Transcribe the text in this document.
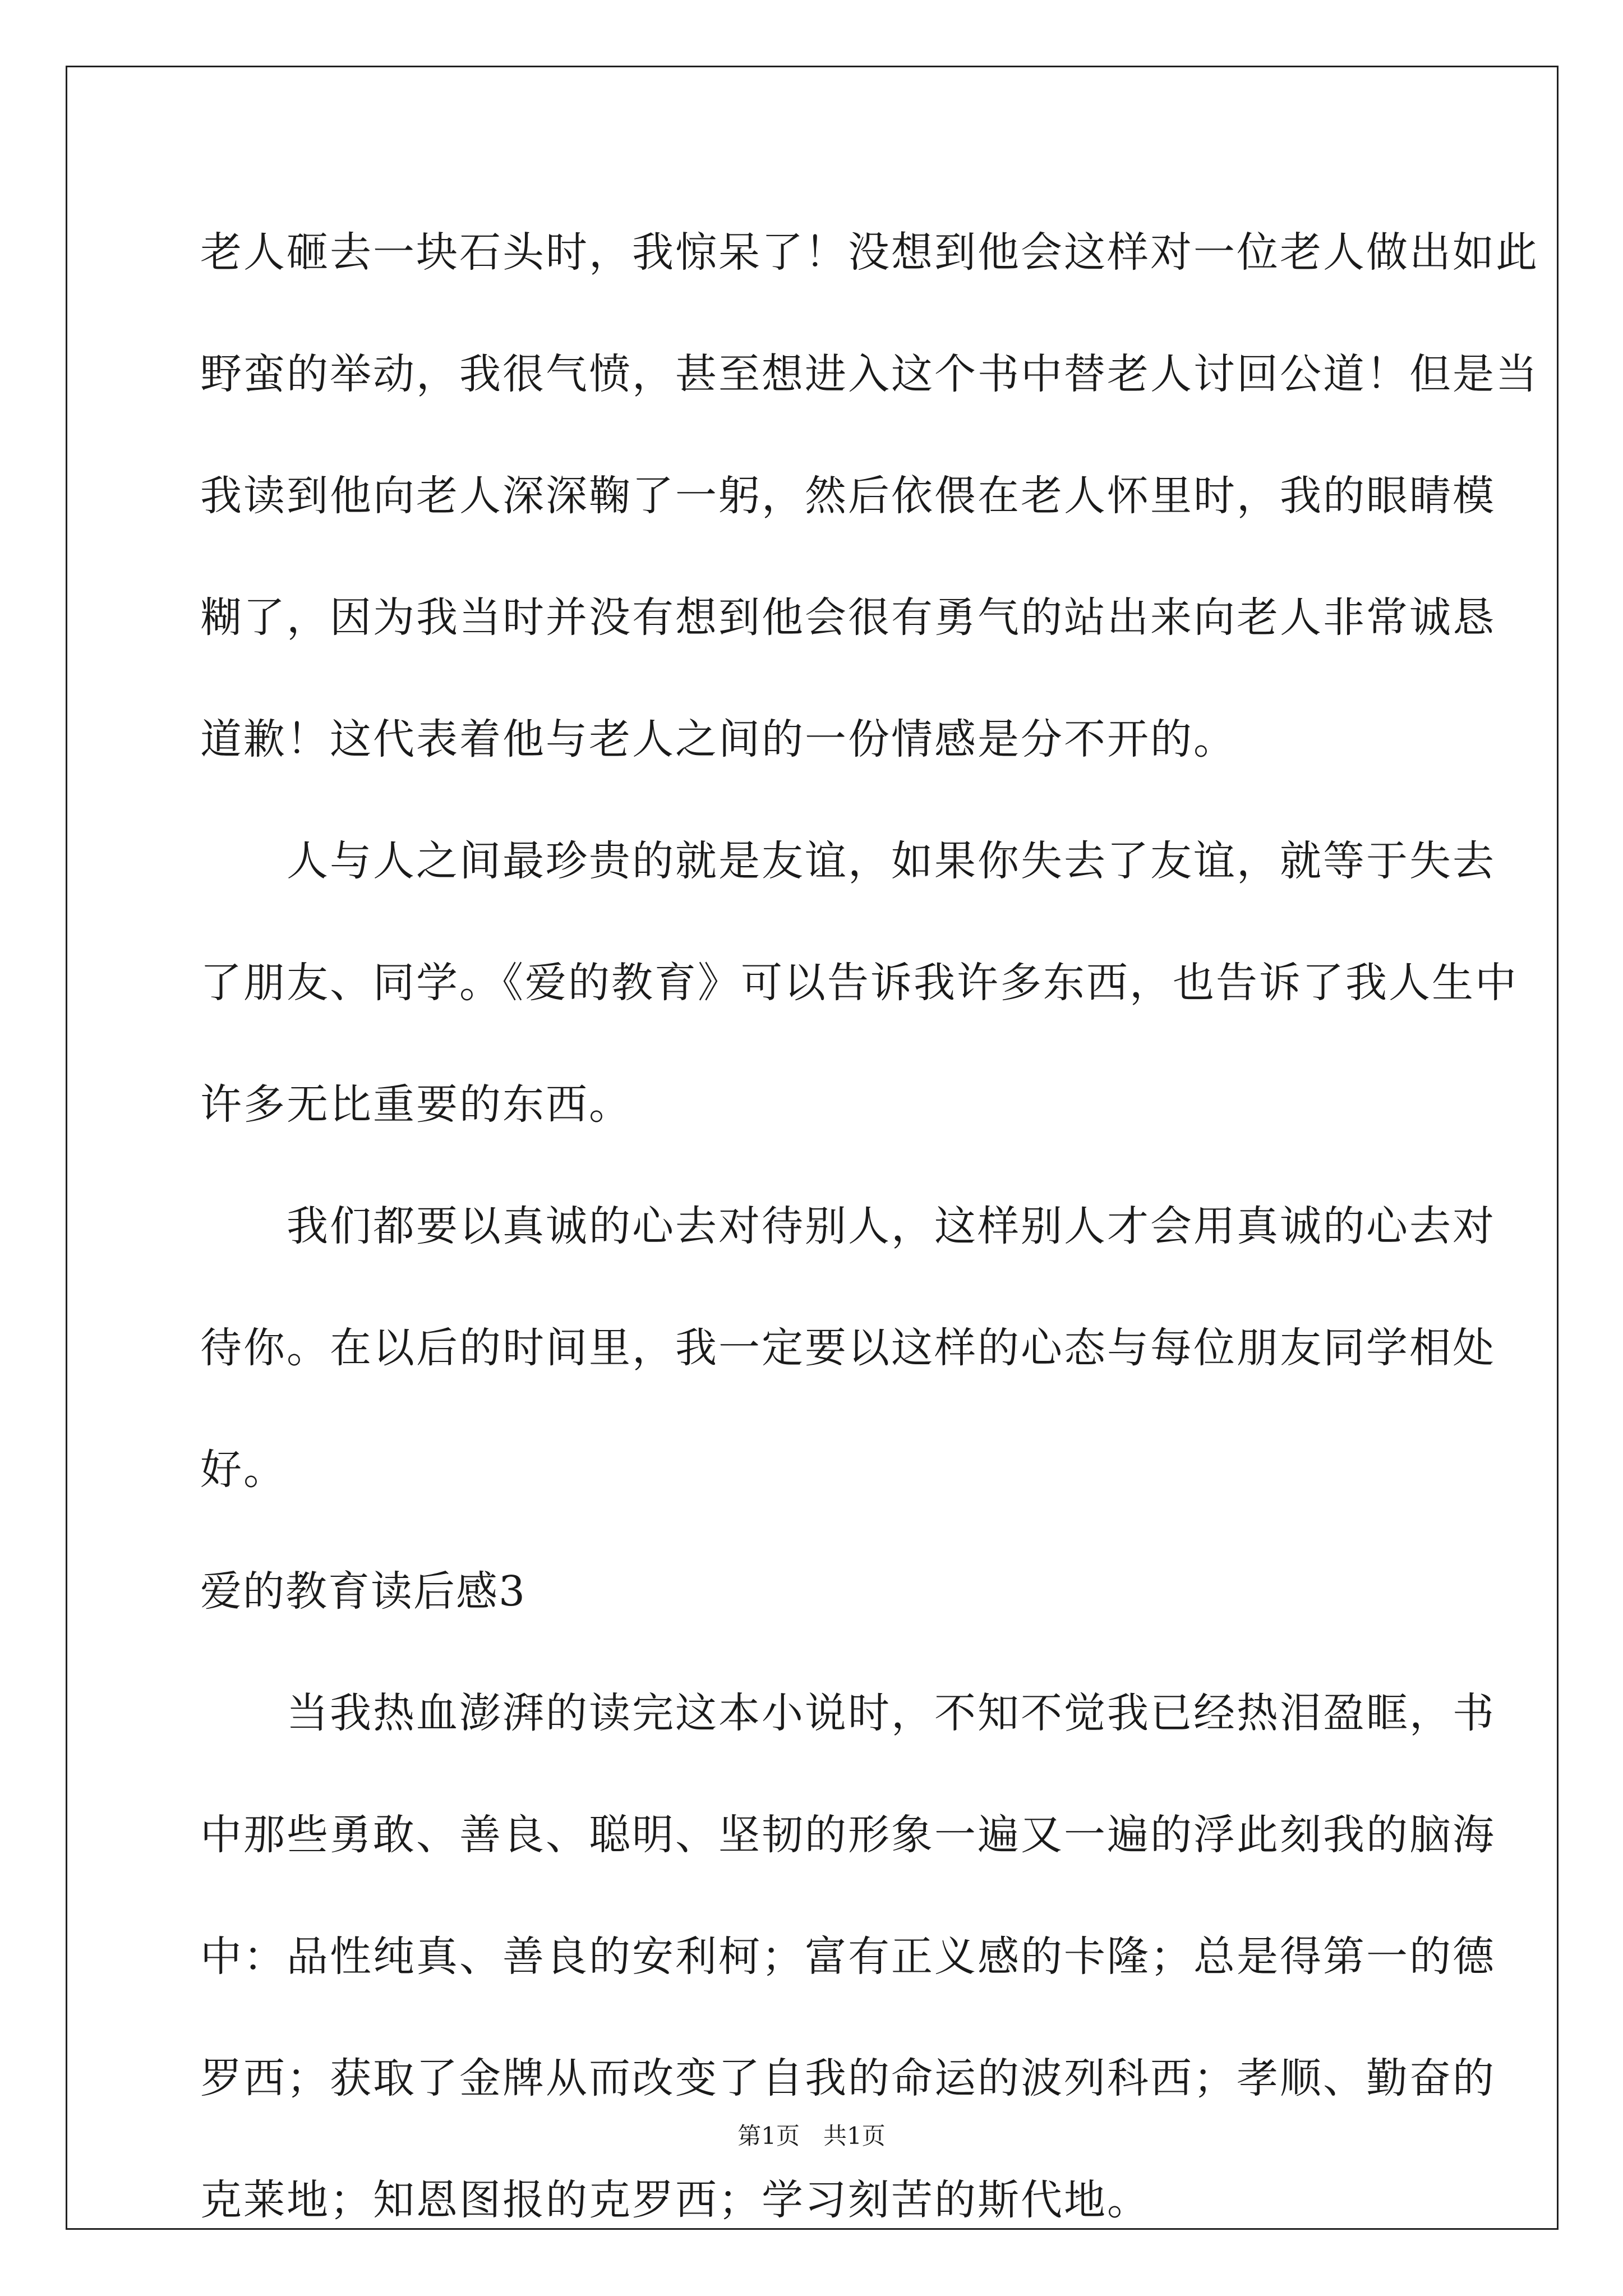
老人砸去一块石头时，我惊呆了！没想到他会这样对一位老人做出如此
野蛮的举动，我很气愤，甚至想进入这个书中替老人讨回公道！但是当
我读到他向老人深深鞠了一躬，然后依偎在老人怀里时，我的眼睛模
糊了，因为我当时并没有想到他会很有勇气的站出来向老人非常诚恳
道歉！这代表着他与老人之间的一份情感是分不开的。
　　人与人之间最珍贵的就是友谊，如果你失去了友谊，就等于失去
了朋友、同学。《爱的教育》可以告诉我许多东西，也告诉了我人生中
许多无比重要的东西。
　　我们都要以真诚的心去对待别人，这样别人才会用真诚的心去对
待你。在以后的时间里，我一定要以这样的心态与每位朋友同学相处
好。
爱的教育读后感3
　　当我热血澎湃的读完这本小说时，不知不觉我已经热泪盈眶，书
中那些勇敢、善良、聪明、坚韧的形象一遍又一遍的浮此刻我的脑海
中：品性纯真、善良的安利柯；富有正义感的卡隆；总是得第一的德
罗西；获取了金牌从而改变了自我的命运的波列科西；孝顺、勤奋的
克莱地；知恩图报的克罗西；学习刻苦的斯代地。
第1页　共1页
